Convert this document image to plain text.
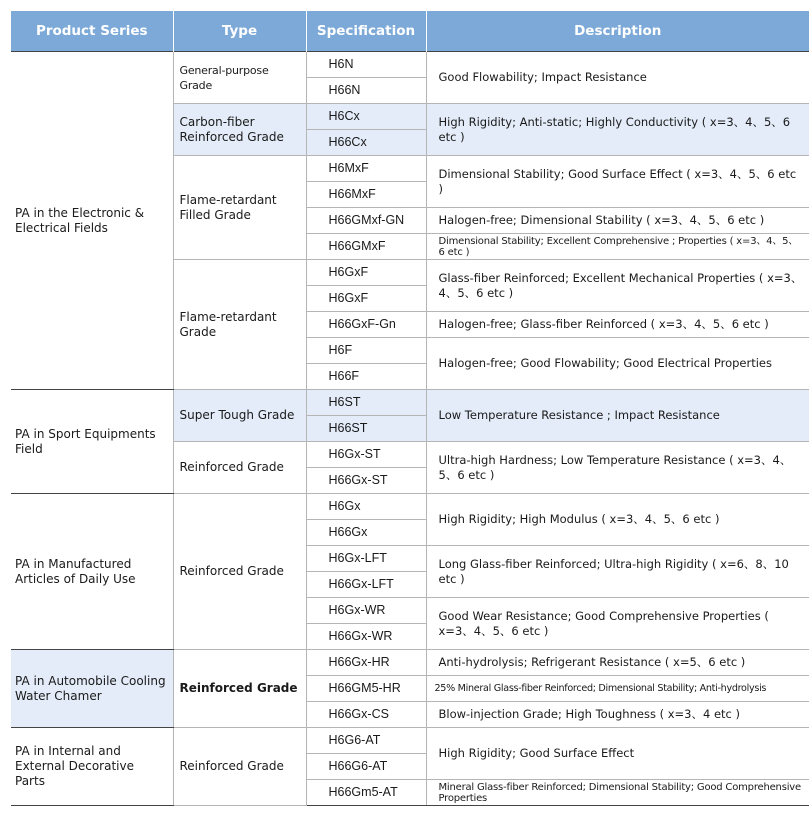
Product Series	Type	Specification	Description
PA in the Electronic & Electrical Fields	General-purpose Grade	H6N	Good Flowability; Impact Resistance
		H66N	
	Carbon-fiber Reinforced Grade	H6Cx	High Rigidity; Anti-static; Highly Conductivity ( x=3、4、5、6 etc )
		H66Cx	
	Flame-retardant Filled Grade	H6MxF	Dimensional Stability; Good Surface Effect ( x=3、4、5、6 etc )
		H66MxF	
		H66GMxf-GN	Halogen-free; Dimensional Stability ( x=3、4、5、6 etc )
		H66GMxF	Dimensional Stability; Excellent Comprehensive ; Properties ( x=3、4、5、6 etc )
	Flame-retardant Grade	H6GxF	Glass-fiber Reinforced; Excellent Mechanical Properties ( x=3、4、5、6 etc )
		H6GxF	
		H66GxF-Gn	Halogen-free; Glass-fiber Reinforced ( x=3、4、5、6 etc )
		H6F	Halogen-free; Good Flowability; Good Electrical Properties
		H66F	
PA in Sport Equipments Field	Super Tough Grade	H6ST	Low Temperature Resistance ; Impact Resistance
		H66ST	
	Reinforced Grade	H6Gx-ST	Ultra-high Hardness; Low Temperature Resistance ( x=3、4、5、6 etc )
		H66Gx-ST	
PA in Manufactured Articles of Daily Use	Reinforced Grade	H6Gx	High Rigidity; High Modulus ( x=3、4、5、6 etc )
		H66Gx	
		H6Gx-LFT	Long Glass-fiber Reinforced; Ultra-high Rigidity ( x=6、8、10 etc )
		H66Gx-LFT	
		H6Gx-WR	Good Wear Resistance; Good Comprehensive Properties ( x=3、4、5、6 etc )
		H66Gx-WR	
PA in Automobile Cooling Water Chamer	Reinforced Grade	H66Gx-HR	Anti-hydrolysis; Refrigerant Resistance ( x=5、6 etc )
		H66GM5-HR	25% Mineral Glass-fiber Reinforced; Dimensional Stability; Anti-hydrolysis
		H66Gx-CS	Blow-injection Grade; High Toughness ( x=3、4 etc )
PA in Internal and External Decorative Parts	Reinforced Grade	H6G6-AT	High Rigidity; Good Surface Effect
		H66G6-AT	
		H66Gm5-AT	Mineral Glass-fiber Reinforced; Dimensional Stability; Good Comprehensive Properties
